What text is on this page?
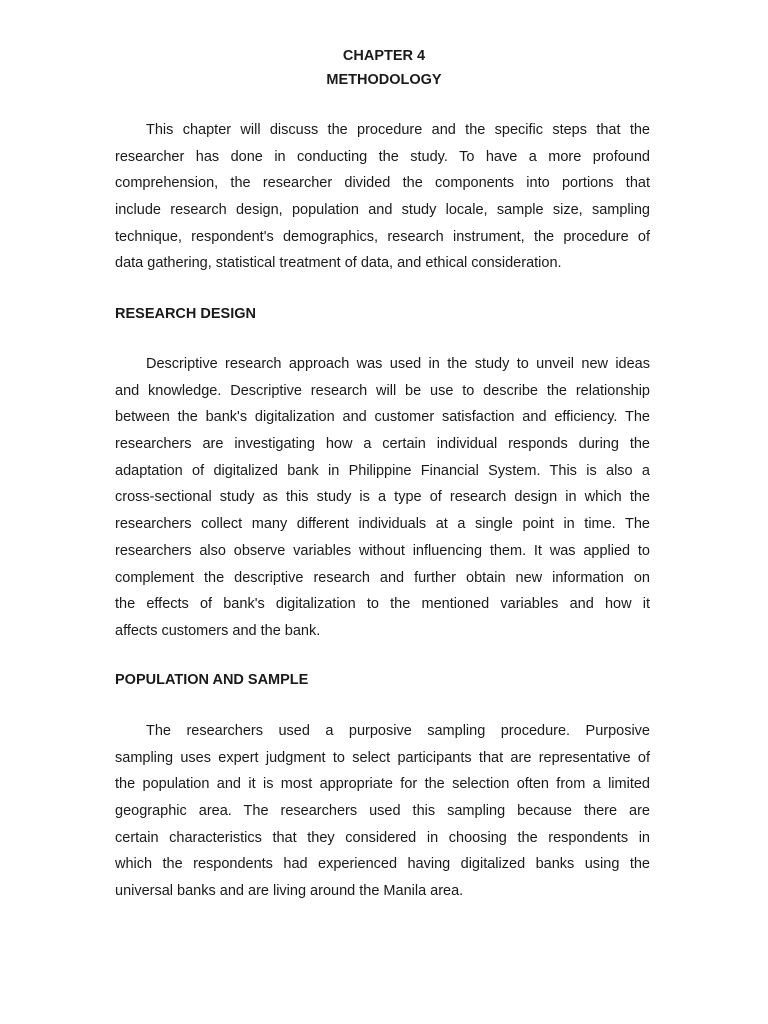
CHAPTER 4
METHODOLOGY
This chapter will discuss the procedure and the specific steps that the
researcher has done in conducting the study. To have a more profound
comprehension, the researcher divided the components into portions that
include research design, population and study locale, sample size, sampling
technique, respondent's demographics, research instrument, the procedure of
data gathering, statistical treatment of data, and ethical consideration.
RESEARCH DESIGN
Descriptive research approach was used in the study to unveil new ideas
and knowledge. Descriptive research will be use to describe the relationship
between the bank's digitalization and customer satisfaction and efficiency. The
researchers are investigating how a certain individual responds during the
adaptation of digitalized bank in Philippine Financial System. This is also a
cross-sectional study as this study is a type of research design in which the
researchers collect many different individuals at a single point in time. The
researchers also observe variables without influencing them. It was applied to
complement the descriptive research and further obtain new information on
the effects of bank's digitalization to the mentioned variables and how it
affects customers and the bank.
POPULATION AND SAMPLE
The researchers used a purposive sampling procedure. Purposive
sampling uses expert judgment to select participants that are representative of
the population and it is most appropriate for the selection often from a limited
geographic area. The researchers used this sampling because there are
certain characteristics that they considered in choosing the respondents in
which the respondents had experienced having digitalized banks using the
universal banks and are living around the Manila area.
